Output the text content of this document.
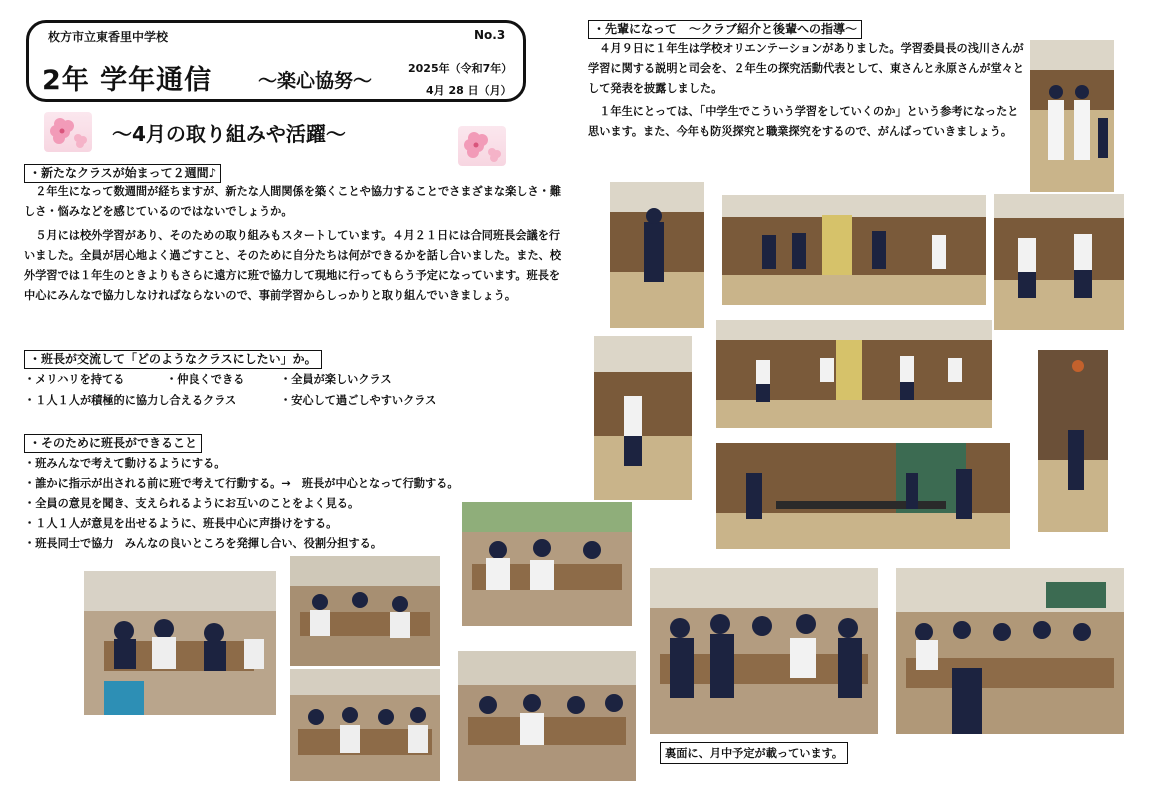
枚方市立東香里中学校	No.3
2年 学年通信 ～楽心協努～
2025年（令和7年）
4月 28 日（月）
～4月の取り組みや活躍～
・新たなクラスが始まって２週間♪
　２年生になって数週間が経ちますが、新たな人間関係を築くことや協力することでさまざまな楽しさ・難しさ・悩みなどを感じているのではないでしょうか。
　５月には校外学習があり、そのための取り組みもスタートしています。４月２１日には合同班長会議を行いました。全員が居心地よく過ごすこと、そのために自分たちは何ができるかを話し合いました。また、校外学習では１年生のときよりもさらに遠方に班で協力して現地に行ってもらう予定になっています。班長を中心にみんなで協力しなければならないので、事前学習からしっかりと取り組んでいきましょう。
・班長が交流して「どのようなクラスにしたい」か。
・メリハリを持てる	・仲良くできる	・全員が楽しいクラス
・１人１人が積極的に協力し合えるクラス	・安心して過ごしやすいクラス
・そのために班長ができること
・班みんなで考えて動けるようにする。
・誰かに指示が出される前に班で考えて行動する。→　班長が中心となって行動する。
・全員の意見を聞き、支えられるようにお互いのことをよく見る。
・１人１人が意見を出せるように、班長中心に声掛けをする。
・班長同士で協力　みんなの良いところを発揮し合い、役割分担する。
・先輩になって　～クラブ紹介と後輩への指導～
　４月９日に１年生は学校オリエンテーションがありました。学習委員長の浅川さんが学習に関する説明と司会を、２年生の探究活動代表として、東さんと永原さんが堂々として発表を披露しました。
　１年生にとっては、「中学生でこういう学習をしていくのか」という参考になったと思います。また、今年も防災探究と職業探究をするので、がんばっていきましょう。
裏面に、月中予定が載っています。
